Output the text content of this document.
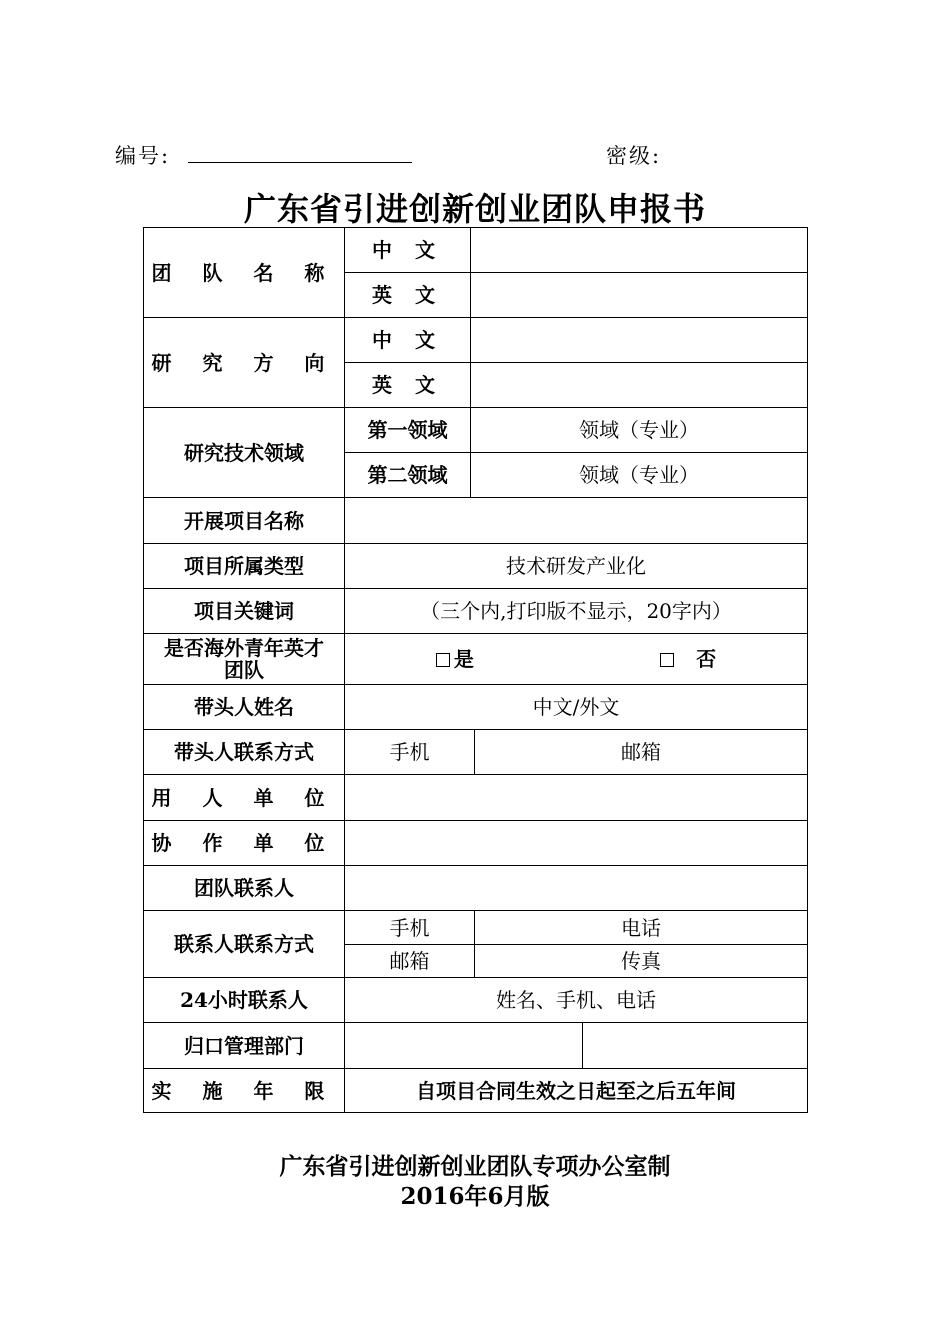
编号:	密级:
广东省引进创新创业团队申报书
团 队 名 称	中 文			
	英 文			
研 究 方 向	中 文			
	英 文			
研究技术领域	第一领域	领域（专业）		
	第二领域	领域（专业）		
开展项目名称				
项目所属类型	技术研发产业化			
项目关键词	（三个内,打印版不显示，20字内）			

是否海外青年英才
团队	是 否			
带头人姓名	中文/外文			
带头人联系方式	手机		邮箱	
用 人 单 位				
协 作 单 位				
团队联系人				
联系人联系方式	手机		电话	
	邮箱		传真	
24小时联系人	姓名、手机、电话			
归口管理部门				
实 施 年 限	自项目合同生效之日起至之后五年间			
广东省引进创新创业团队专项办公室制
2016年6月版
